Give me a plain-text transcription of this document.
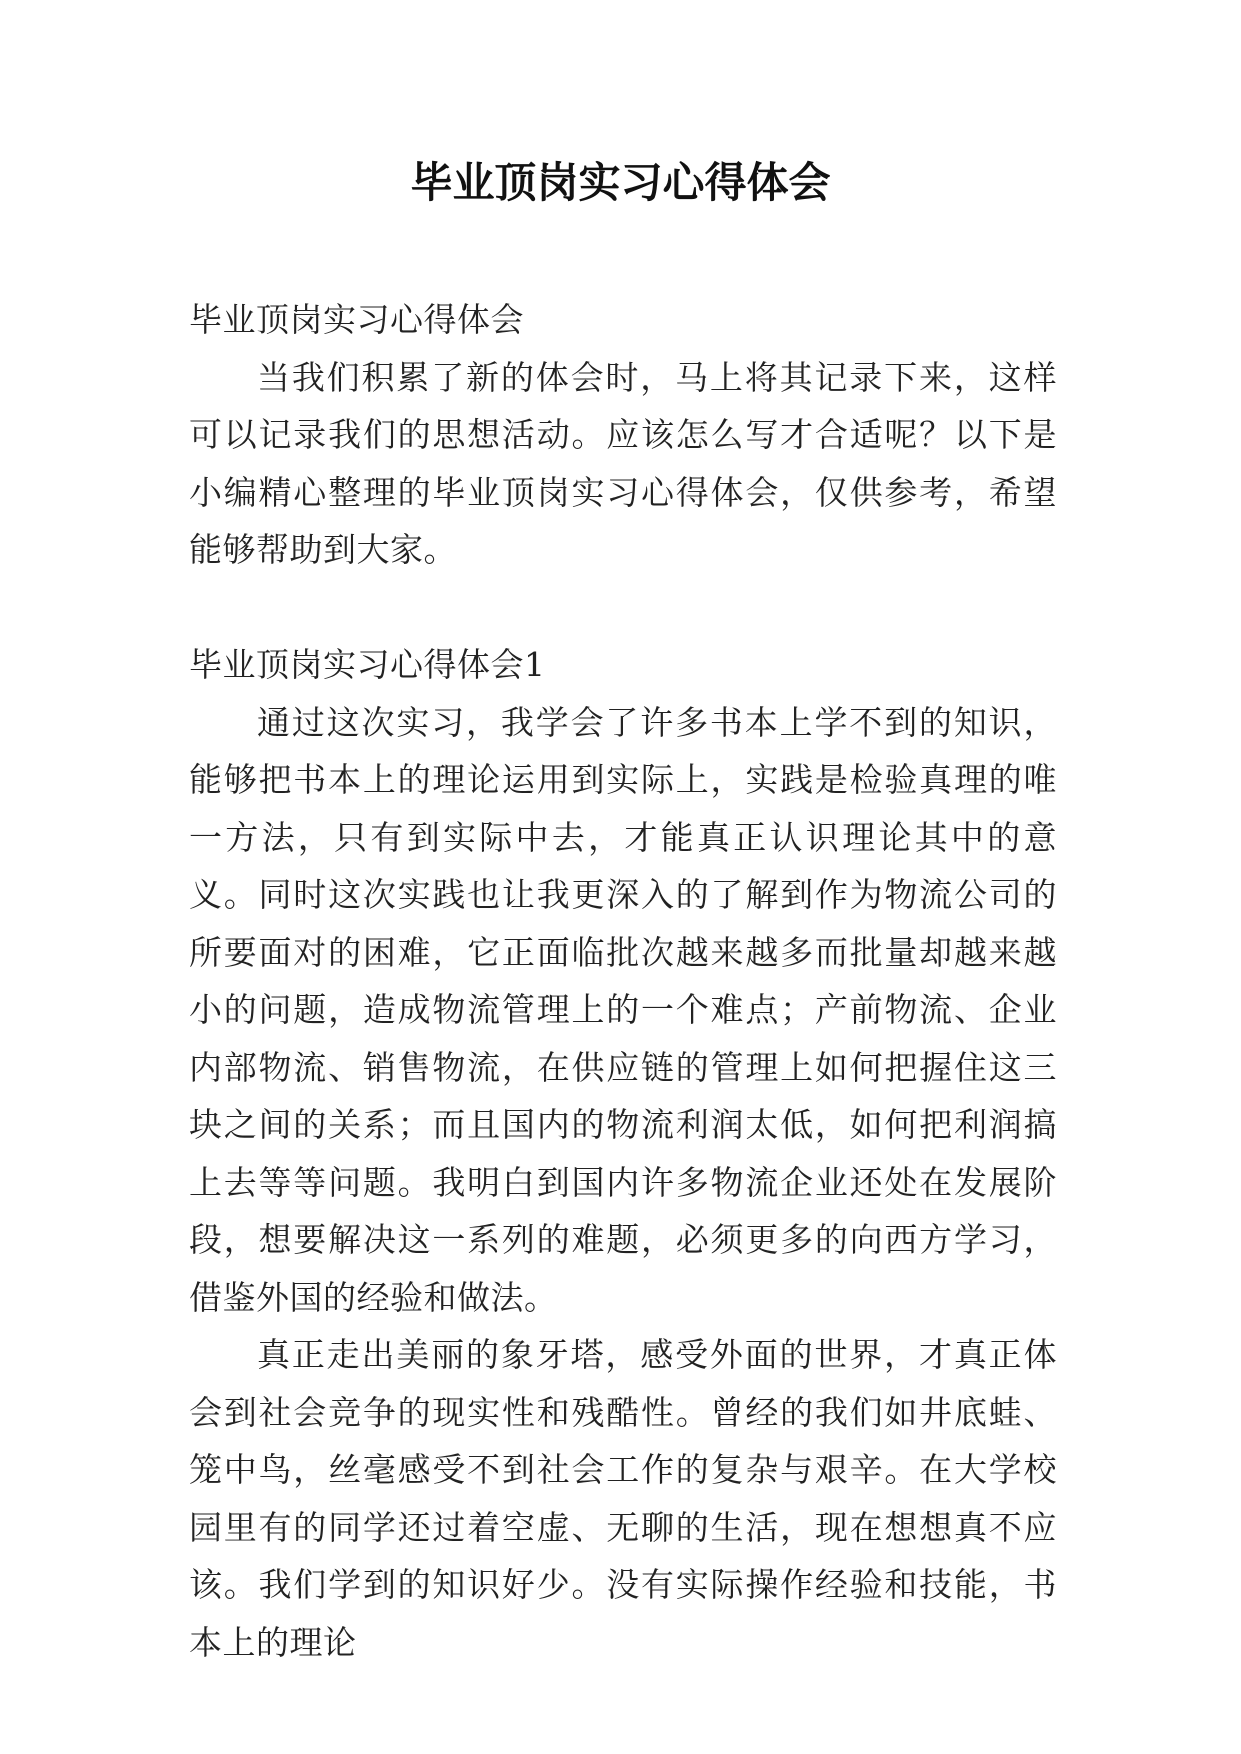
毕业顶岗实习心得体会

毕业顶岗实习心得体会

当我们积累了新的体会时，马上将其记录下来，这样可以记录我们的思想活动。应该怎么写才合适呢？以下是小编精心整理的毕业顶岗实习心得体会，仅供参考，希望能够帮助到大家。

毕业顶岗实习心得体会1

通过这次实习，我学会了许多书本上学不到的知识，能够把书本上的理论运用到实际上，实践是检验真理的唯一方法，只有到实际中去，才能真正认识理论其中的意义。同时这次实践也让我更深入的了解到作为物流公司的所要面对的困难，它正面临批次越来越多而批量却越来越小的问题，造成物流管理上的一个难点；产前物流、企业内部物流、销售物流，在供应链的管理上如何把握住这三块之间的关系；而且国内的物流利润太低，如何把利润搞上去等等问题。我明白到国内许多物流企业还处在发展阶段，想要解决这一系列的难题，必须更多的向西方学习，借鉴外国的经验和做法。

真正走出美丽的象牙塔，感受外面的世界，才真正体会到社会竞争的现实性和残酷性。曾经的我们如井底蛙、笼中鸟，丝毫感受不到社会工作的复杂与艰辛。在大学校园里有的同学还过着空虚、无聊的生活，现在想想真不应该。我们学到的知识好少。没有实际操作经验和技能，书本上的理论
